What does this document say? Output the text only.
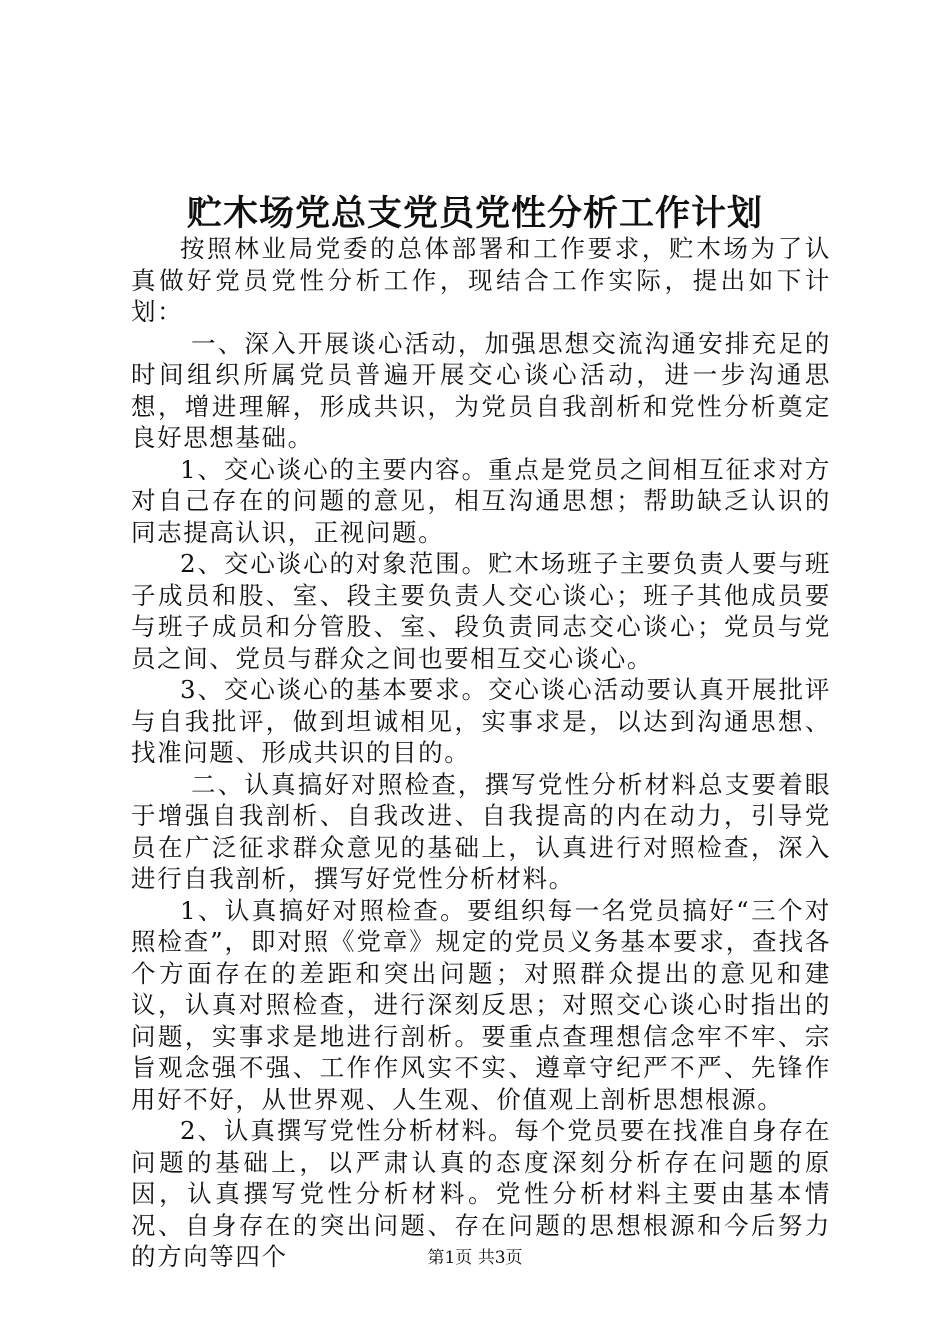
贮木场党总支党员党性分析工作计划

按照林业局党委的总体部署和工作要求，贮木场为了认真做好党员党性分析工作，现结合工作实际，提出如下计划：

一、深入开展谈心活动，加强思想交流沟通安排充足的时间组织所属党员普遍开展交心谈心活动，进一步沟通思想，增进理解，形成共识，为党员自我剖析和党性分析奠定良好思想基础。

1、交心谈心的主要内容。重点是党员之间相互征求对方对自己存在的问题的意见，相互沟通思想；帮助缺乏认识的同志提高认识，正视问题。

2、交心谈心的对象范围。贮木场班子主要负责人要与班子成员和股、室、段主要负责人交心谈心；班子其他成员要与班子成员和分管股、室、段负责同志交心谈心；党员与党员之间、党员与群众之间也要相互交心谈心。

3、交心谈心的基本要求。交心谈心活动要认真开展批评与自我批评，做到坦诚相见，实事求是，以达到沟通思想、找准问题、形成共识的目的。

二、认真搞好对照检查，撰写党性分析材料总支要着眼于增强自我剖析、自我改进、自我提高的内在动力，引导党员在广泛征求群众意见的基础上，认真进行对照检查，深入进行自我剖析，撰写好党性分析材料。

1、认真搞好对照检查。要组织每一名党员搞好“三个对照检查”，即对照《党章》规定的党员义务基本要求，查找各个方面存在的差距和突出问题；对照群众提出的意见和建议，认真对照检查，进行深刻反思；对照交心谈心时指出的问题，实事求是地进行剖析。要重点查理想信念牢不牢、宗旨观念强不强、工作作风实不实、遵章守纪严不严、先锋作用好不好，从世界观、人生观、价值观上剖析思想根源。

2、认真撰写党性分析材料。每个党员要在找准自身存在问题的基础上，以严肃认真的态度深刻分析存在问题的原因，认真撰写党性分析材料。党性分析材料主要由基本情况、自身存在的突出问题、存在问题的思想根源和今后努力的方向等四个	第1页 共3页
